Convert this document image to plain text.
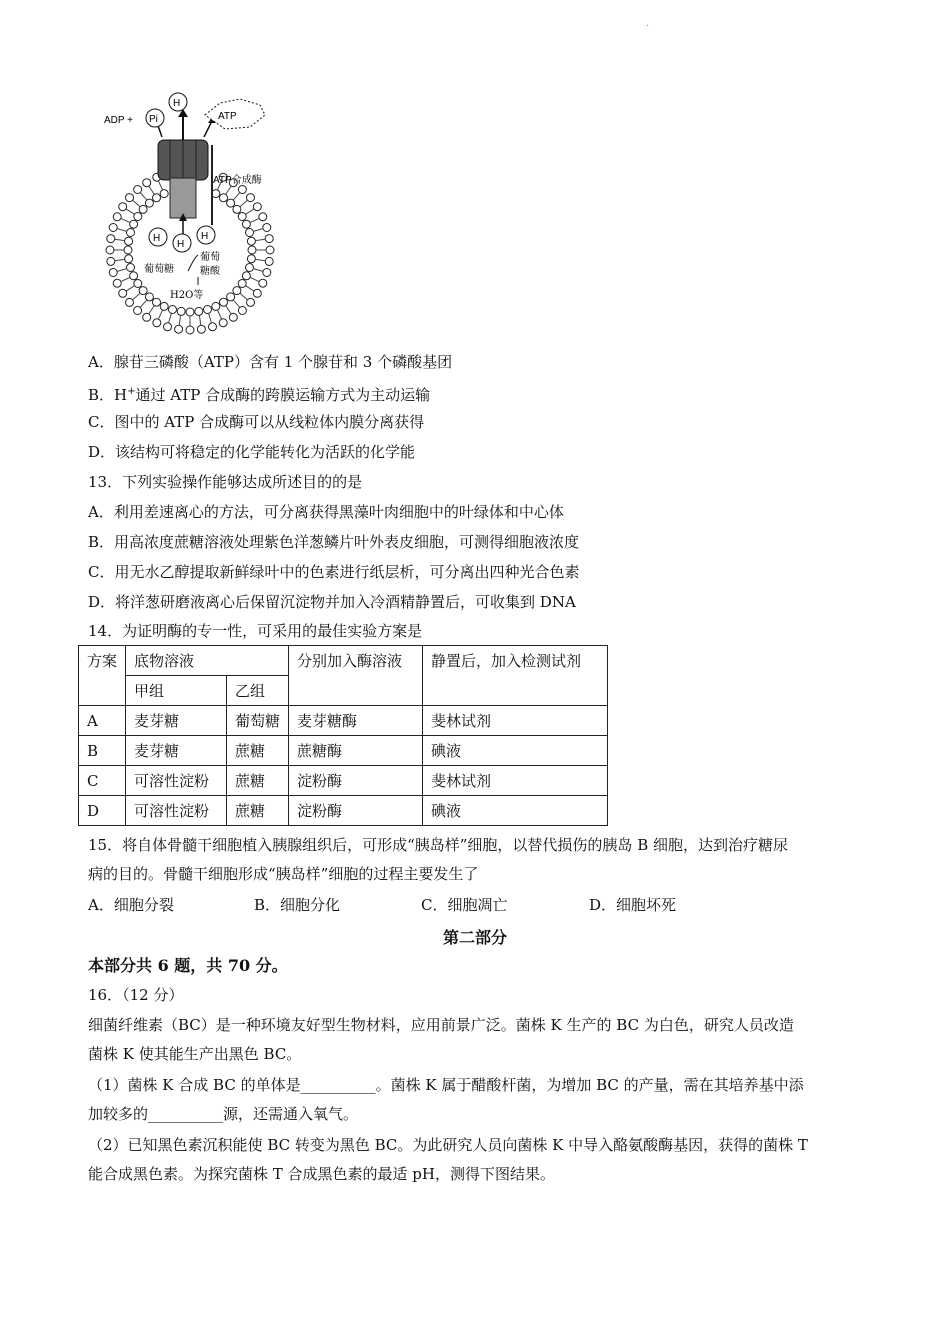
.
ADP + Pi
H
ATP
ATP合成酶
H
H
H
葡萄糖
葡萄
糖酸
H2O等
A．腺苷三磷酸（ATP）含有 1 个腺苷和 3 个磷酸基团
B．H+通过 ATP 合成酶的跨膜运输方式为主动运输
C．图中的 ATP 合成酶可以从线粒体内膜分离获得
D．该结构可将稳定的化学能转化为活跃的化学能
13．下列实验操作能够达成所述目的的是
A．利用差速离心的方法，可分离获得黑藻叶肉细胞中的叶绿体和中心体
B．用高浓度蔗糖溶液处理紫色洋葱鳞片叶外表皮细胞，可测得细胞液浓度
C．用无水乙醇提取新鲜绿叶中的色素进行纸层析，可分离出四种光合色素
D．将洋葱研磨液离心后保留沉淀物并加入冷酒精静置后，可收集到 DNA
14．为证明酶的专一性，可采用的最佳实验方案是
方案	底物溶液		分别加入酶溶液	静置后，加入检测试剂
	甲组	乙组		
A	麦芽糖	葡萄糖	麦芽糖酶	斐林试剂
B	麦芽糖	蔗糖	蔗糖酶	碘液
C	可溶性淀粉	蔗糖	淀粉酶	斐林试剂
D	可溶性淀粉	蔗糖	淀粉酶	碘液
15．将自体骨髓干细胞植入胰腺组织后，可形成“胰岛样”细胞，以替代损伤的胰岛 B 细胞，达到治疗糖尿
病的目的。骨髓干细胞形成“胰岛样”细胞的过程主要发生了
A．细胞分裂	B．细胞分化	C．细胞凋亡	D．细胞坏死
第二部分
本部分共 6 题，共 70 分。
16．（12 分）
细菌纤维素（BC）是一种环境友好型生物材料，应用前景广泛。菌株 K 生产的 BC 为白色，研究人员改造
菌株 K 使其能生产出黑色 BC。
（1）菌株 K 合成 BC 的单体是__________。菌株 K 属于醋酸杆菌，为增加 BC 的产量，需在其培养基中添
加较多的__________源，还需通入氧气。
（2）已知黑色素沉积能使 BC 转变为黑色 BC。为此研究人员向菌株 K 中导入酪氨酸酶基因，获得的菌株 T
能合成黑色素。为探究菌株 T 合成黑色素的最适 pH，测得下图结果。
